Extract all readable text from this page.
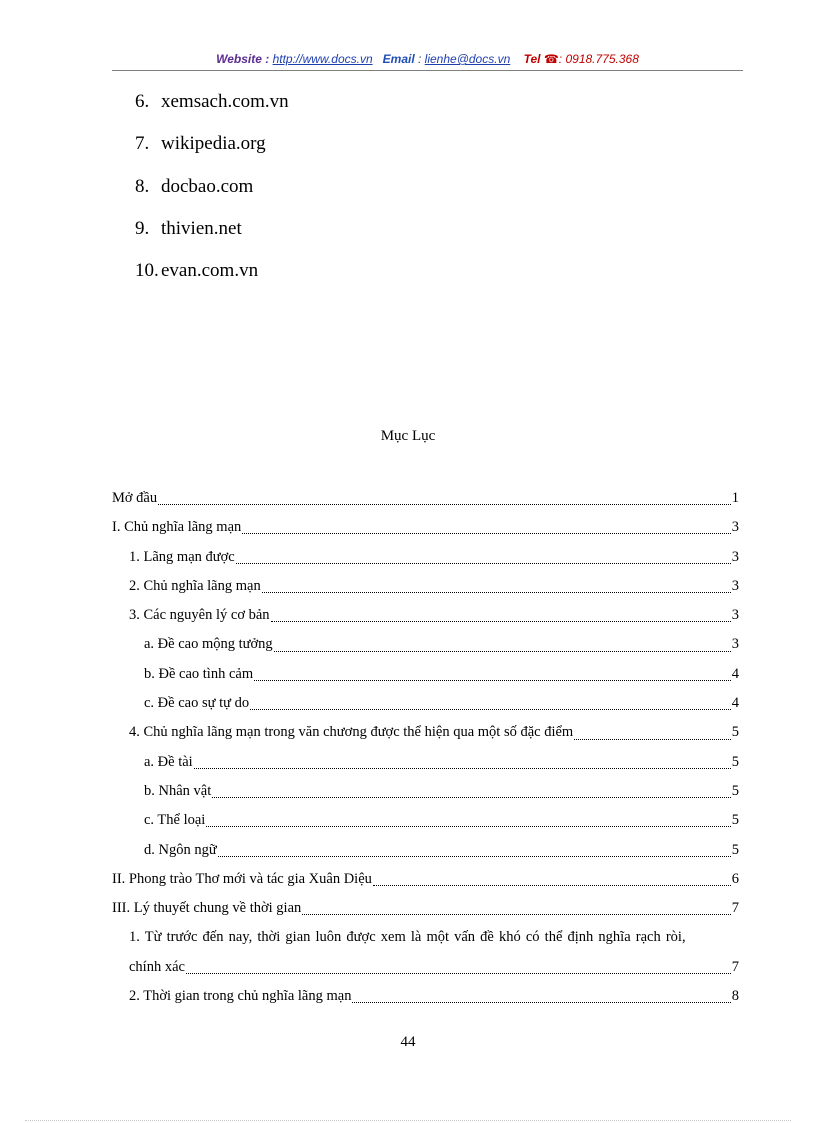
Website : http://www.docs.vn Email : lienhe@docs.vn Tel ☎: 0918.775.368
6. xemsach.com.vn
7. wikipedia.org
8. docbao.com
9. thivien.net
10. evan.com.vn
Mục Lục
Mở đầu	1
I. Chủ nghĩa lãng mạn	3
1. Lãng mạn được	3
2. Chủ nghĩa lãng mạn	3
3. Các nguyên lý cơ bản	3
a. Đề cao mộng tưởng	3
b. Đề cao tình cảm	4
c. Đề cao sự tự do	4
4. Chủ nghĩa lãng mạn trong văn chương được thể hiện qua một số đặc điểm	5
a. Đề tài	5
b. Nhân vật	5
c. Thể loại	5
d. Ngôn ngữ	5
II. Phong trào Thơ mới và tác gia Xuân Diệu	6
III. Lý thuyết chung về thời gian	7
1. Từ trước đến nay, thời gian luôn được xem là một vấn đề khó có thể định nghĩa rạch ròi,
chính xác	7
2. Thời gian trong chủ nghĩa lãng mạn	8
44
